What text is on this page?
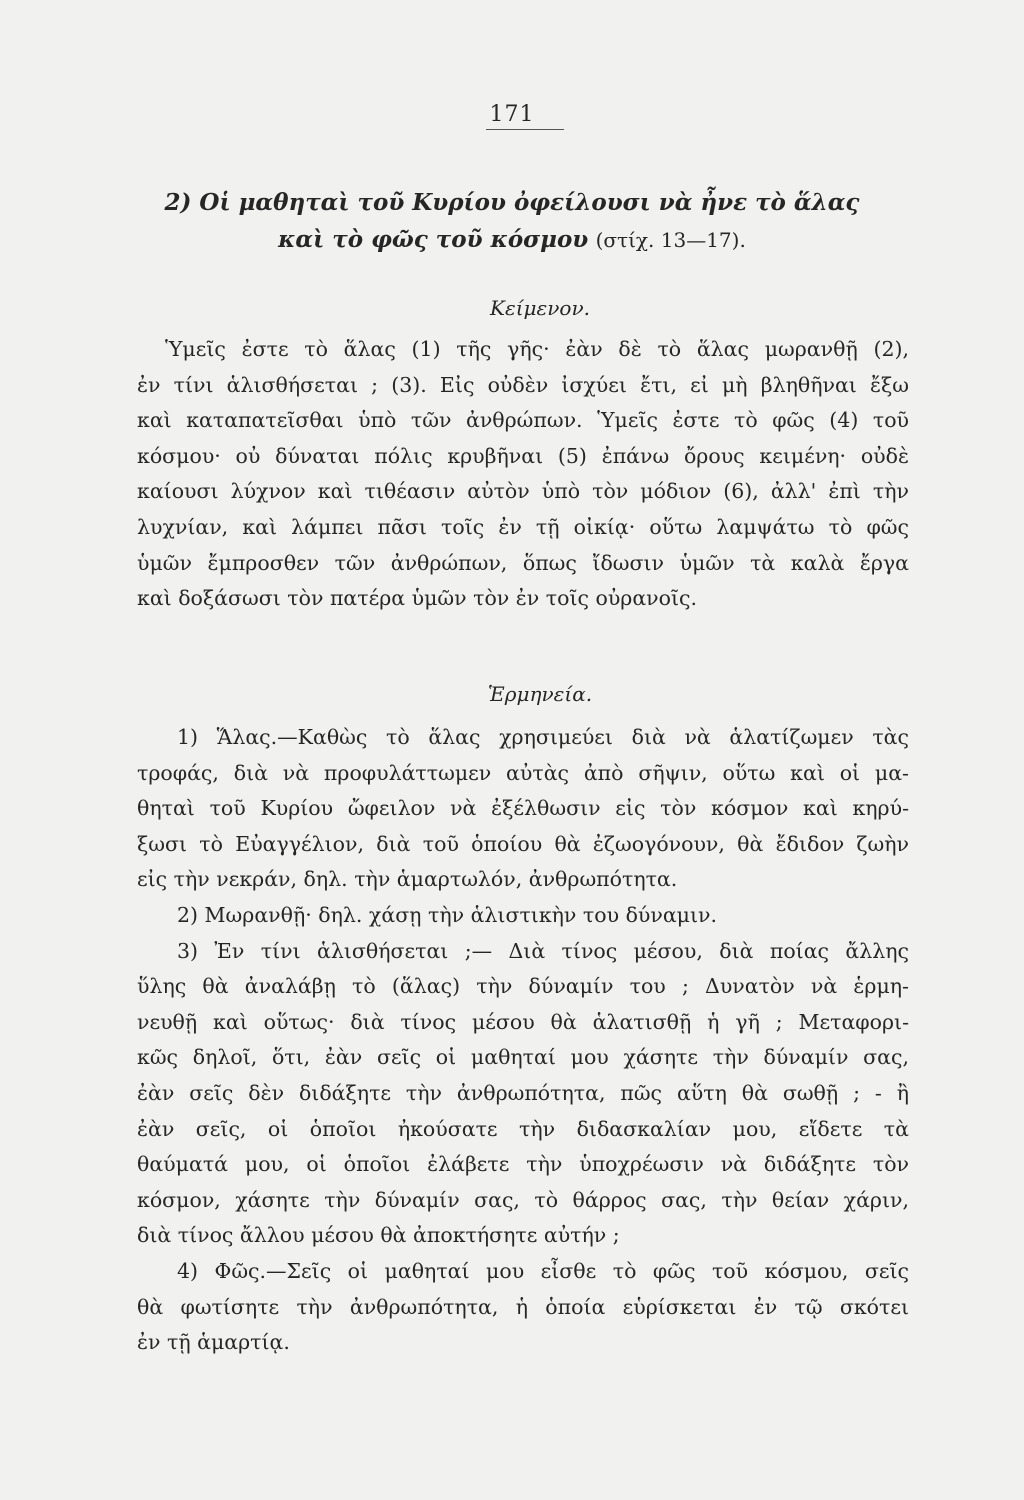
171
2) Οἱ μαθηταὶ τοῦ Κυρίου ὀφείλουσι νὰ ἦνε τὸ ἅλας
καὶ τὸ φῶς τοῦ κόσμου (στίχ. 13—17).
Κείμενον.
Ὑμεῖς ἐστε τὸ ἅλας (1) τῆς γῆς· ἐὰν δὲ τὸ ἅλας μωρανθῇ (2),
ἐν τίνι ἁλισθήσεται ; (3). Εἰς οὐδὲν ἰσχύει ἔτι, εἰ μὴ βληθῆναι ἔξω
καὶ καταπατεῖσθαι ὑπὸ τῶν ἀνθρώπων. Ὑμεῖς ἐστε τὸ φῶς (4) τοῦ
κόσμου· οὐ δύναται πόλις κρυβῆναι (5) ἐπάνω ὄρους κειμένη· οὐδὲ
καίουσι λύχνον καὶ τιθέασιν αὐτὸν ὑπὸ τὸν μόδιον (6), ἀλλ' ἐπὶ τὴν
λυχνίαν, καὶ λάμπει πᾶσι τοῖς ἐν τῇ οἰκίᾳ· οὕτω λαμψάτω τὸ φῶς
ὑμῶν ἔμπροσθεν τῶν ἀνθρώπων, ὅπως ἴδωσιν ὑμῶν τὰ καλὰ ἔργα
καὶ δοξάσωσι τὸν πατέρα ὑμῶν τὸν ἐν τοῖς οὐρανοῖς.
Ἑρμηνεία.
1) Ἅλας.—Καθὼς τὸ ἅλας χρησιμεύει διὰ νὰ ἁλατίζωμεν τὰς
τροφάς, διὰ νὰ προφυλάττωμεν αὐτὰς ἀπὸ σῆψιν, οὕτω καὶ οἱ μα-
θηταὶ τοῦ Κυρίου ὤφειλον νὰ ἐξέλθωσιν εἰς τὸν κόσμον καὶ κηρύ-
ξωσι τὸ Εὐαγγέλιον, διὰ τοῦ ὁποίου θὰ ἐζωογόνουν, θὰ ἔδιδον ζωὴν
εἰς τὴν νεκράν, δηλ. τὴν ἁμαρτωλόν, ἀνθρωπότητα.
2) Μωρανθῇ· δηλ. χάσῃ τὴν ἁλιστικὴν του δύναμιν.
3) Ἐν τίνι ἁλισθήσεται ;— Διὰ τίνος μέσου, διὰ ποίας ἄλλης
ὕλης θὰ ἀναλάβῃ τὸ (ἅλας) τὴν δύναμίν του ; Δυνατὸν νὰ ἑρμη-
νευθῇ καὶ οὕτως· διὰ τίνος μέσου θὰ ἁλατισθῇ ἡ γῆ ; Μεταφορι-
κῶς δηλοῖ, ὅτι, ἐὰν σεῖς οἱ μαθηταί μου χάσητε τὴν δύναμίν σας,
ἐὰν σεῖς δὲν διδάξητε τὴν ἀνθρωπότητα, πῶς αὕτη θὰ σωθῇ ; - ἢ
ἐὰν σεῖς, οἱ ὁποῖοι ἠκούσατε τὴν διδασκαλίαν μου, εἴδετε τὰ
θαύματά μου, οἱ ὁποῖοι ἐλάβετε τὴν ὑποχρέωσιν νὰ διδάξητε τὸν
κόσμον, χάσητε τὴν δύναμίν σας, τὸ θάρρος σας, τὴν θείαν χάριν,
διὰ τίνος ἄλλου μέσου θὰ ἀποκτήσητε αὐτήν ;
4) Φῶς.—Σεῖς οἱ μαθηταί μου εἶσθε τὸ φῶς τοῦ κόσμου, σεῖς
θὰ φωτίσητε τὴν ἀνθρωπότητα, ἡ ὁποία εὑρίσκεται ἐν τῷ σκότει
ἐν τῇ ἁμαρτίᾳ.
